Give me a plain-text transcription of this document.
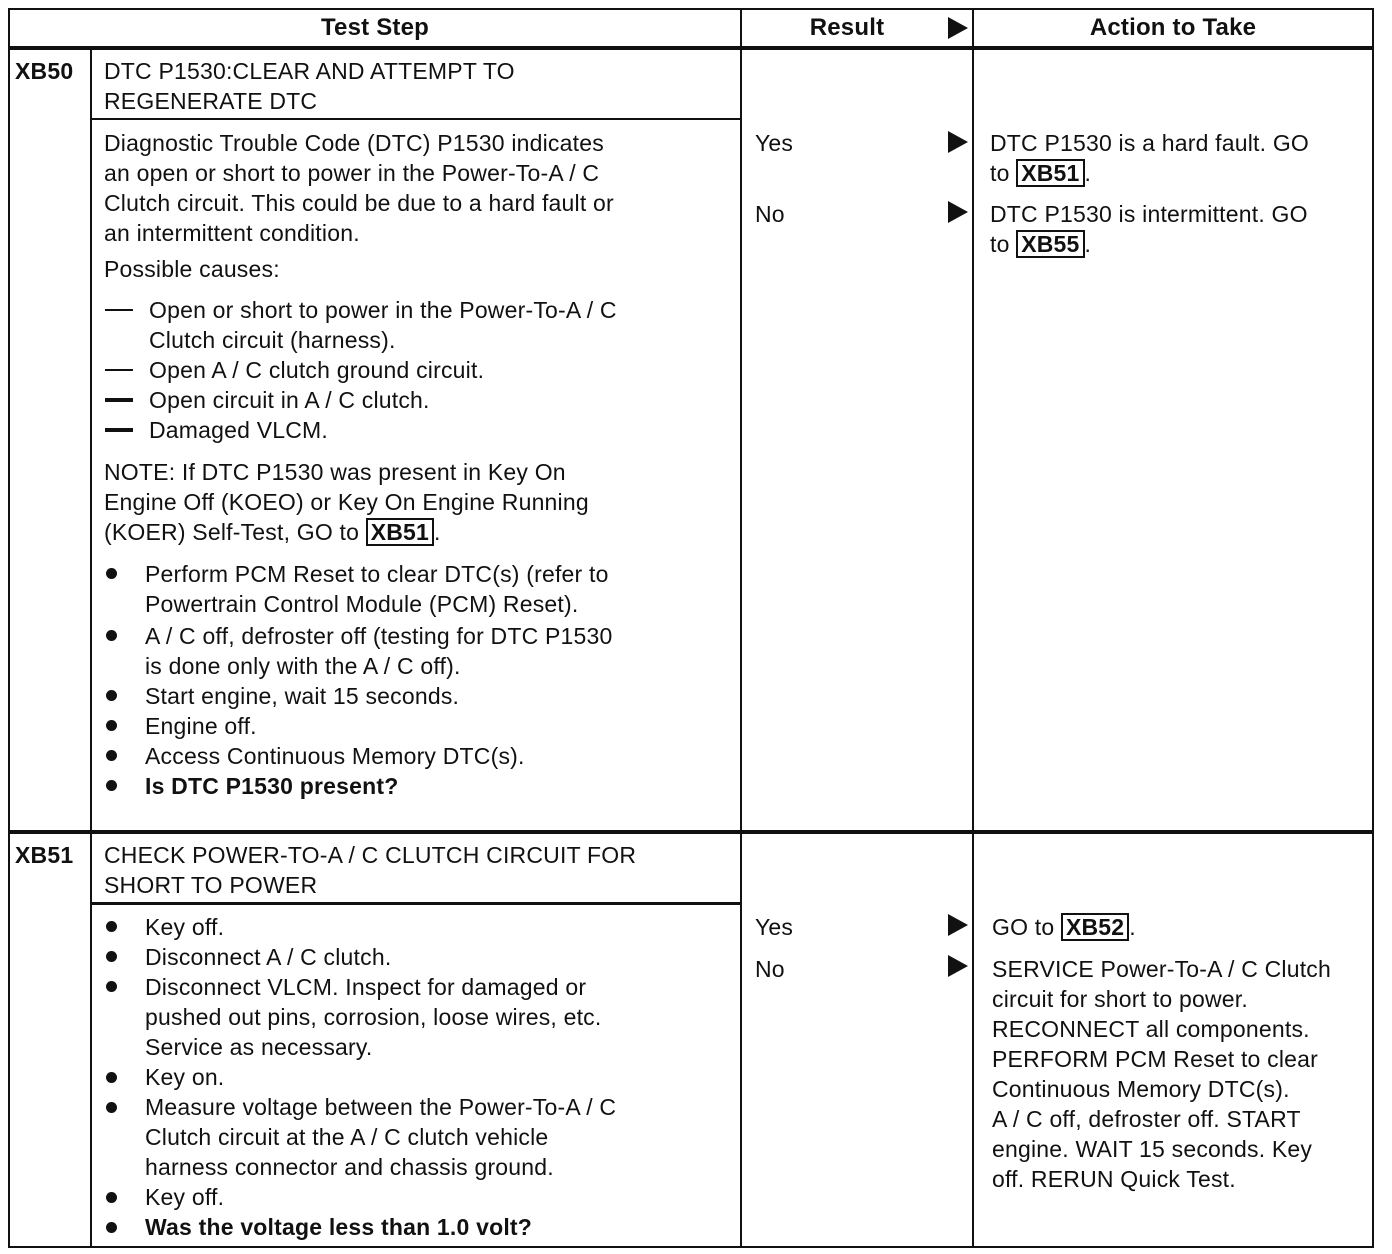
Test Step	Result	Action to Take
XB50 DTC P1530:CLEAR AND ATTEMPT TO
REGENERATE DTC
Diagnostic Trouble Code (DTC) P1530 indicates
an open or short to power in the Power-To-A / C
Clutch circuit. This could be due to a hard fault or
an intermittent condition.
Possible causes:
Open or short to power in the Power-To-A / C
Clutch circuit (harness).
Open A / C clutch ground circuit.
Open circuit in A / C clutch.
Damaged VLCM.
NOTE: If DTC P1530 was present in Key On
Engine Off (KOEO) or Key On Engine Running
(KOER) Self-Test, GO to XB51 .
Perform PCM Reset to clear DTC(s) (refer to
Powertrain Control Module (PCM) Reset).
A / C off, defroster off (testing for DTC P1530
is done only with the A / C off).
Start engine, wait 15 seconds.
Engine off.
Access Continuous Memory DTC(s).
Is DTC P1530 present?
Yes
No
DTC P1530 is a hard fault. GO
to XB51 .
DTC P1530 is intermittent. GO
to XB55 .
XB51 CHECK POWER-TO-A / C CLUTCH CIRCUIT FOR
SHORT TO POWER
Key off.
Disconnect A / C clutch.
Disconnect VLCM. Inspect for damaged or
pushed out pins, corrosion, loose wires, etc.
Service as necessary.
Key on.
Measure voltage between the Power-To-A / C
Clutch circuit at the A / C clutch vehicle
harness connector and chassis ground.
Key off.
Was the voltage less than 1.0 volt?
Yes
No
GO to XB52 .
SERVICE Power-To-A / C Clutch
circuit for short to power.
RECONNECT all components.
PERFORM PCM Reset to clear
Continuous Memory DTC(s).
A / C off, defroster off. START
engine. WAIT 15 seconds. Key
off. RERUN Quick Test.
